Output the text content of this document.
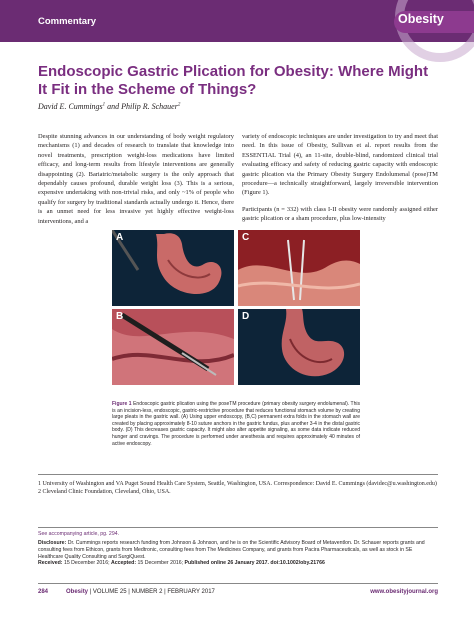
Commentary	Obesity
Endoscopic Gastric Plication for Obesity: Where Might It Fit in the Scheme of Things?
David E. Cummings$^1$ and Philip R. Schauer$^2$

Despite stunning advances in our understanding of body weight regulatory mechanisms (1) and decades of research to translate that knowledge into novel treatments, prescription weight-loss medications have limited efficacy, and long-term results from lifestyle interventions are generally disappointing (2). Bariatric/metabolic surgery is the only approach that dependably causes profound, durable weight loss (3). This is a serious, expensive undertaking with non-trivial risks, and only ~1% of people who qualify for surgery by traditional standards actually undergo it. Hence, there is an unmet need for less invasive yet highly effective weight-loss interventions, and a

variety of endoscopic techniques are under investigation to try and meet that need. In this issue of Obesity, Sullivan et al. report results from the ESSENTIAL Trial (4), an 11-site, double-blind, randomized clinical trial evaluating efficacy and safety of reducing gastric capacity with endoscopic gastric plication via the Primary Obesity Surgery Endolumenal (pose)TM procedure—a technically straightforward, largely irreversible intervention (Figure 1).

Participants (n = 332) with class I-II obesity were randomly assigned either gastric plication or a sham procedure, plus low-intensity

A	C
B	D
Figure 1 Endoscopic gastric plication using the poseTM procedure (primary obesity surgery endolumenal). This is an incision-less, endoscopic, gastric-restrictive procedure that reduces functional stomach volume by creating large pleats in the gastric wall. (A) Using upper endoscopy, (B,C) permanent extra folds in the stomach wall are created by placing approximately 8-10 suture anchors in the gastric fundus, plus another 3-4 in the distal gastric body. (D) This decreases gastric capacity. It might also alter appetite signaling, as some data indicate reduced hunger and cravings. The procedure is performed under anesthesia and requires approximately 40 minutes of active endoscopy.
1 University of Washington and VA Puget Sound Health Care System, Seattle, Washington, USA. Correspondence: David E. Cummings (davidec@u.washington.edu) 2 Cleveland Clinic Foundation, Cleveland, Ohio, USA.
See accompanying article, pg. 294.
Disclosure: Dr. Cummings reports research funding from Johnson & Johnson, and he is on the Scientific Advisory Board of Metaventlon. Dr. Schauer reports grants and consulting fees from Ethicon, grants from Medtronic, consulting fees from The Medicines Company, and grants from Pacira Pharmaceuticals, as well as stock in SE Healthcare Quality Consulting and SurgiQuest.
Received: 15 December 2016; Accepted: 15 December 2016; Published online 26 January 2017. doi:10.1002/oby.21766
284	Obesity | VOLUME 25 | NUMBER 2 | FEBRUARY 2017	www.obesityjournal.org
